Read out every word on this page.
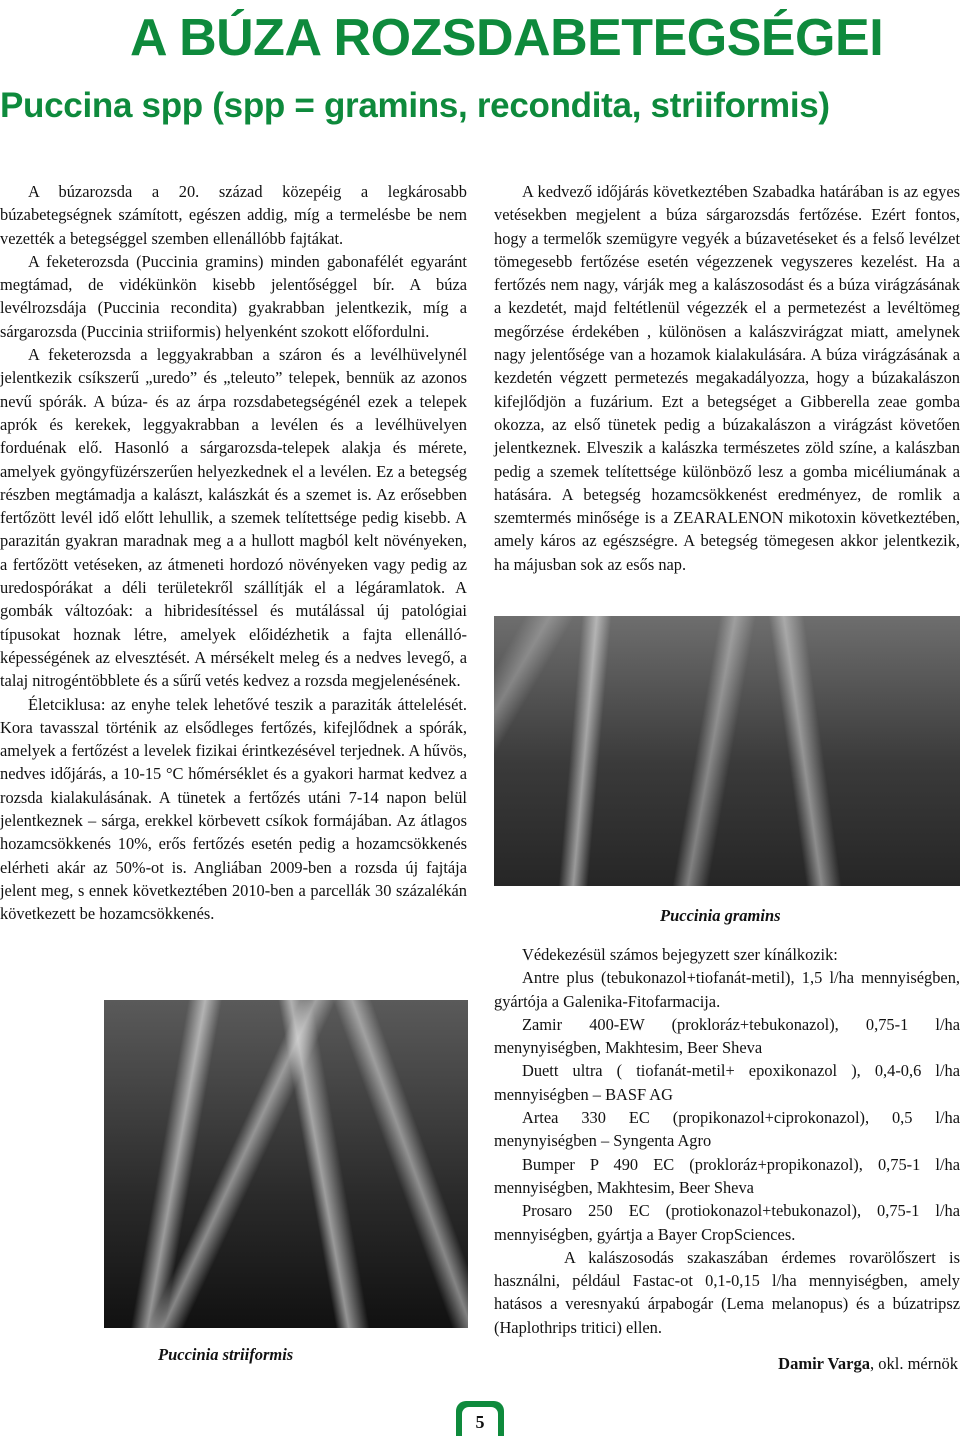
A BÚZA ROZSDABETEGSÉGEI
Puccina spp (spp = gramins, recondita, striiformis)

A búzarozsda a 20. század közepéig a legkárosabb búzabetegségnek számított, egészen addig, míg a termelésbe be nem vezették a betegséggel szemben ellenállóbb fajtákat.

A feketerozsda (Puccinia gramins) minden gabonafélét egyaránt megtámad, de vidékünkön kisebb jelentőséggel bír. A búza levélrozsdája (Puccinia recondita) gyakrabban jelentkezik, míg a sárgarozsda (Puccinia striiformis) helyenként szokott előfordulni.

A feketerozsda a leggyakrabban a száron és a levélhüvelynél jelentkezik csíkszerű „uredo” és „teleuto” telepek, bennük az azonos nevű spórák. A búza- és az árpa rozsdabetegségénél ezek a telepek aprók és kerekek, leggyakrabban a levélen és a levélhüvelyen forduénak elő. Hasonló a sárgarozsda-telepek alakja és mérete, amelyek gyöngyfüzérszerűen helyezkednek el a levélen. Ez a betegség részben megtámadja a kalászt, kalászkát és a szemet is. Az erősebben fertőzött levél idő előtt lehullik, a szemek telítettsége pedig kisebb. A parazitán gyakran maradnak meg a a hullott magból kelt növényeken, a fertőzött vetéseken, az átmeneti hordozó növényeken vagy pedig az uredospórákat a déli területekről szállítják el a légáramlatok. A gombák változóak: a hibridesítéssel és mutálással új patológiai típusokat hoznak létre, amelyek előidézhetik a fajta ellenálló-képességének az elvesztését. A mérsékelt meleg és a nedves levegő, a talaj nitrogéntöbblete és a sűrű vetés kedvez a rozsda megjelenésének.

Életciklusa: az enyhe telek lehetővé teszik a paraziták áttelelését. Kora tavasszal történik az elsődleges fertőzés, kifejlődnek a spórák, amelyek a fertőzést a levelek fizikai érintkezésével terjednek. A hűvös, nedves időjárás, a 10-15 °C hőmérséklet és a gyakori harmat kedvez a rozsda kialakulásának. A tünetek a fertőzés utáni 7-14 napon belül jelentkeznek – sárga, erekkel körbevett csíkok formájában. Az átlagos hozamcsökkenés 10%, erős fertőzés esetén pedig a hozamcsökkenés elérheti akár az 50%-ot is. Angliában 2009-ben a rozsda új fajtája jelent meg, s ennek következtében 2010-ben a parcellák 30 százalékán következett be hozamcsökkenés.

Puccinia striiformis

A kedvező időjárás következtében Szabadka határában is az egyes vetésekben megjelent a búza sárgarozsdás fertőzése. Ezért fontos, hogy a termelők szemügyre vegyék a búzavetéseket és a felső levélzet tömegesebb fertőzése esetén végezzenek vegyszeres kezelést. Ha a fertőzés nem nagy, várják meg a kalászosodást és a búza virágzásának a kezdetét, majd feltétlenül végezzék el a permetezést a levéltömeg megőrzése érdekében , különösen a kalászvirágzat miatt, amelynek nagy jelentősége van a hozamok kialakulására. A búza virágzásának a kezdetén végzett permetezés megakadályozza, hogy a búzakalászon kifejlődjön a fuzárium. Ezt a betegséget a Gibberella zeae gomba okozza, az első tünetek pedig a búzakalászon a virágzást követően jelentkeznek. Elveszik a kalászka természetes zöld színe, a kalászban pedig a szemek telítettsége különböző lesz a gomba micéliumának a hatására. A betegség hozamcsökkenést eredményez, de romlik a szemtermés minősége is a ZEARALENON mikotoxin következtében, amely káros az egészségre. A betegség tömegesen akkor jelentkezik, ha májusban sok az esős nap.

Puccinia gramins

Védekezésül számos bejegyzett szer kínálkozik:

Antre plus (tebukonazol+tiofanát-metil), 1,5 l/ha mennyiségben, gyártója a Galenika-Fitofarmacija.

Zamir 400-EW (prokloráz+tebukonazol), 0,75-1 l/ha menynyiségben, Makhtesim, Beer Sheva

Duett ultra ( tiofanát-metil+ epoxikonazol ), 0,4-0,6 l/ha mennyiségben – BASF AG

Artea 330 EC (propikonazol+ciprokonazol), 0,5 l/ha menynyiségben – Syngenta Agro

Bumper P 490 EC (prokloráz+propikonazol), 0,75-1 l/ha mennyiségben, Makhtesim, Beer Sheva

Prosaro 250 EC (protiokonazol+tebukonazol), 0,75-1 l/ha mennyiségben, gyártja a Bayer CropSciences.

A kalászosodás szakaszában érdemes rovarölőszert is használni, például Fastac-ot 0,1-0,15 l/ha mennyiségben, amely hatásos a veresnyakú árpabogár (Lema melanopus) és a búzatripsz (Haplothrips tritici) ellen.

Damir Varga, okl. mérnök

5
